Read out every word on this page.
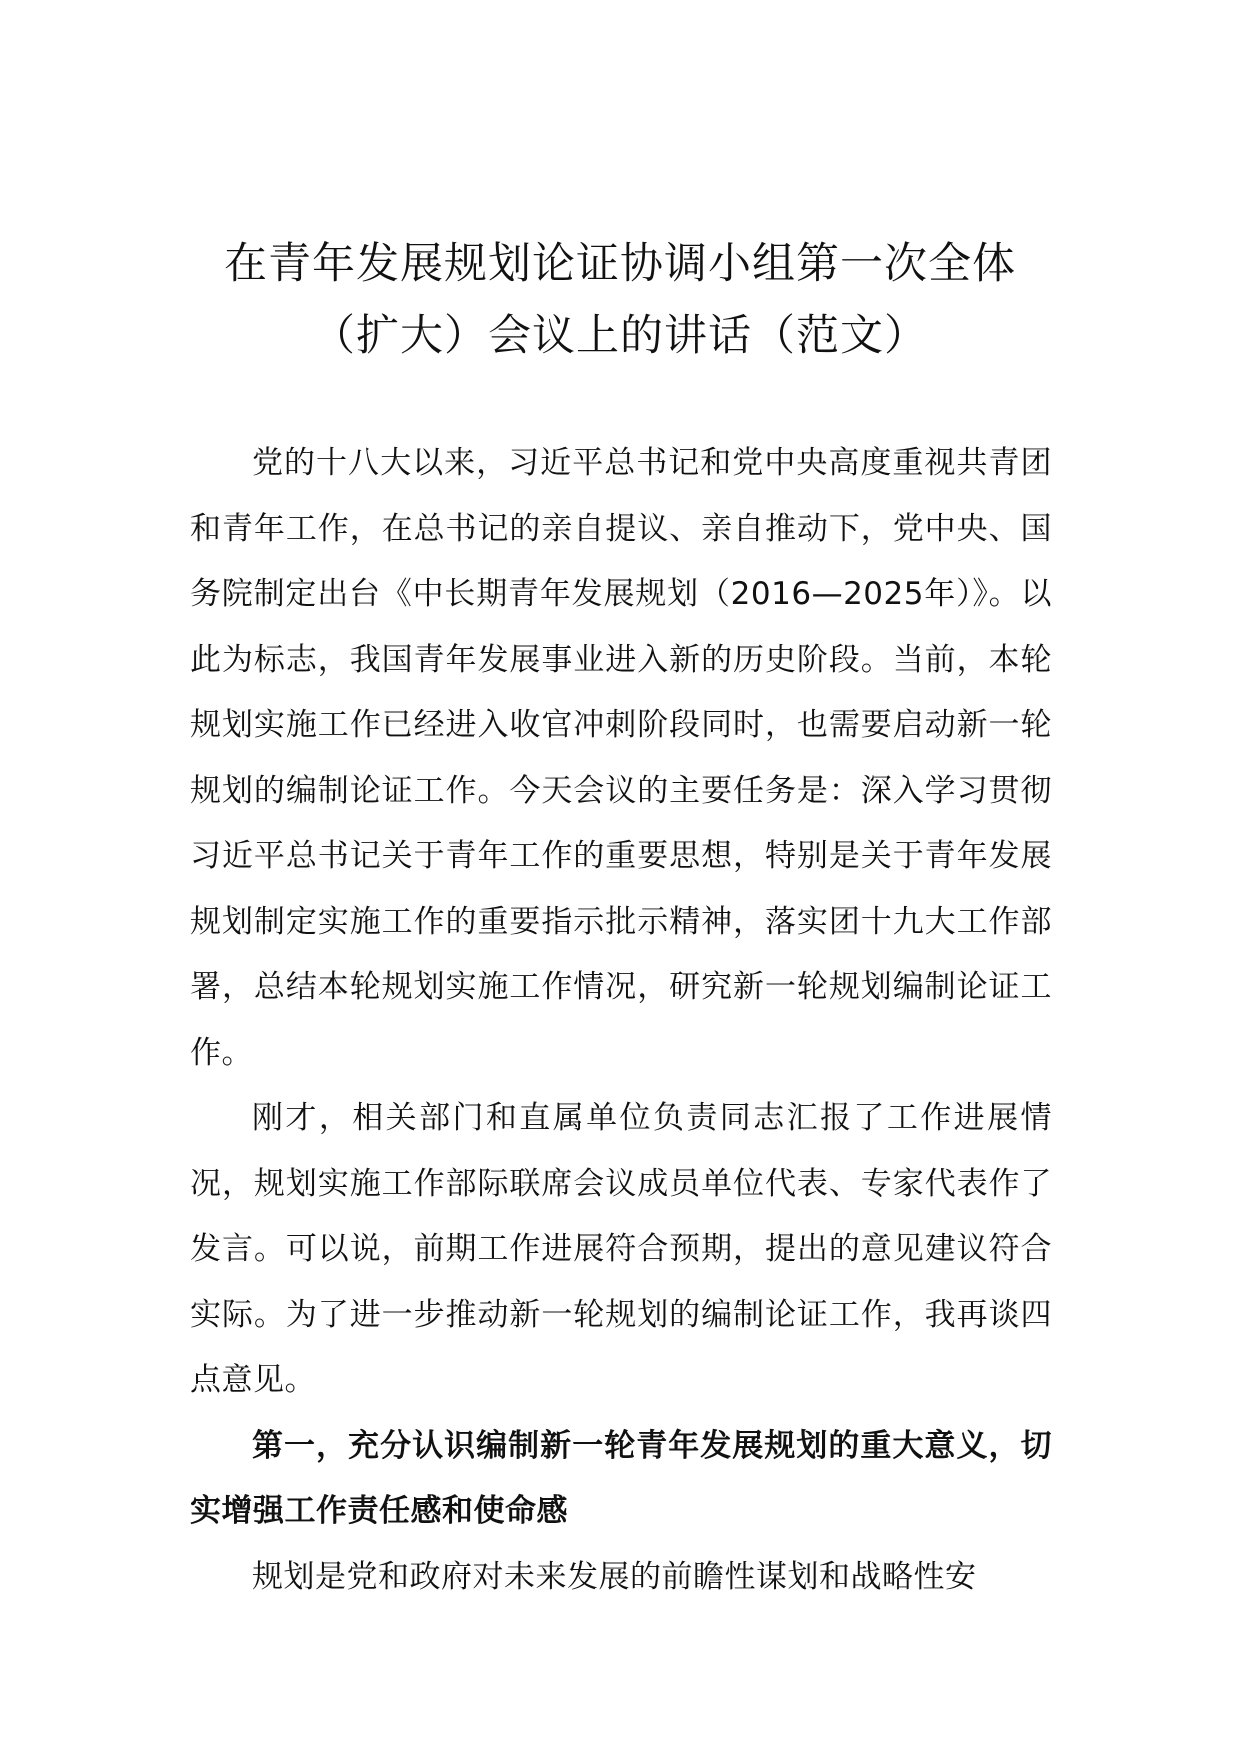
在青年发展规划论证协调小组第一次全体
（扩大）会议上的讲话（范文）

党的十八大以来，习近平总书记和党中央高度重视共青团和青年工作，在总书记的亲自提议、亲自推动下，党中央、国务院制定出台《中长期青年发展规划（2016—2025年）》。以此为标志，我国青年发展事业进入新的历史阶段。当前，本轮规划实施工作已经进入收官冲刺阶段同时，也需要启动新一轮规划的编制论证工作。今天会议的主要任务是：深入学习贯彻习近平总书记关于青年工作的重要思想，特别是关于青年发展规划制定实施工作的重要指示批示精神，落实团十九大工作部署，总结本轮规划实施工作情况，研究新一轮规划编制论证工作。

刚才，相关部门和直属单位负责同志汇报了工作进展情况，规划实施工作部际联席会议成员单位代表、专家代表作了发言。可以说，前期工作进展符合预期，提出的意见建议符合实际。为了进一步推动新一轮规划的编制论证工作，我再谈四点意见。

第一，充分认识编制新一轮青年发展规划的重大意义，切实增强工作责任感和使命感

规划是党和政府对未来发展的前瞻性谋划和战略性安
